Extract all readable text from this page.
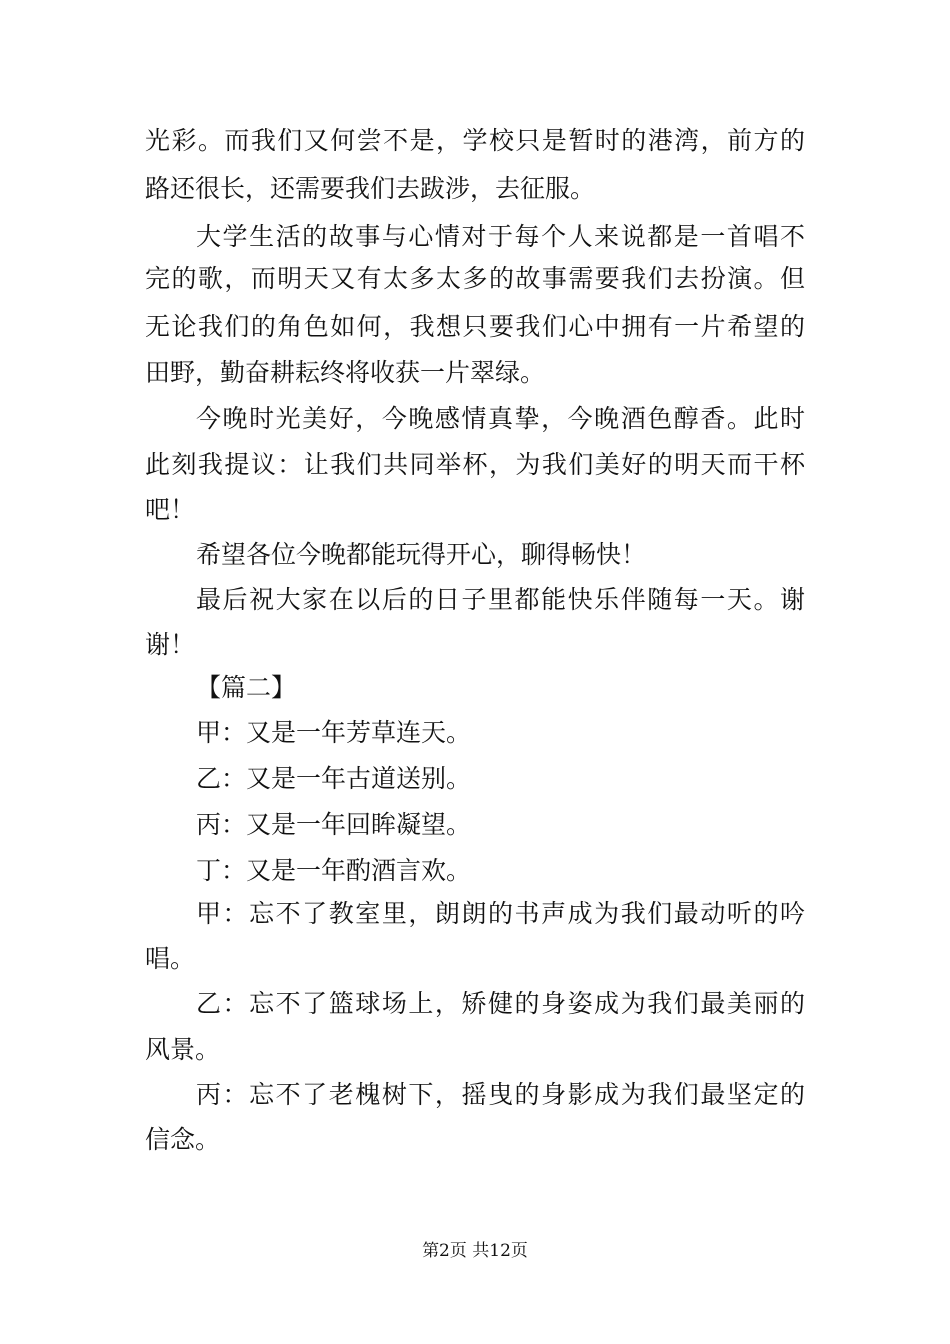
光彩。而我们又何尝不是，学校只是暂时的港湾，前方的
路还很长，还需要我们去跋涉，去征服。
大学生活的故事与心情对于每个人来说都是一首唱不
完的歌，而明天又有太多太多的故事需要我们去扮演。但
无论我们的角色如何，我想只要我们心中拥有一片希望的
田野，勤奋耕耘终将收获一片翠绿。
今晚时光美好，今晚感情真挚，今晚酒色醇香。此时
此刻我提议：让我们共同举杯，为我们美好的明天而干杯
吧！
希望各位今晚都能玩得开心，聊得畅快！
最后祝大家在以后的日子里都能快乐伴随每一天。谢
谢！
【篇二】
甲：又是一年芳草连天。
乙：又是一年古道送别。
丙：又是一年回眸凝望。
丁：又是一年酌酒言欢。
甲：忘不了教室里，朗朗的书声成为我们最动听的吟
唱。
乙：忘不了篮球场上，矫健的身姿成为我们最美丽的
风景。
丙：忘不了老槐树下，摇曳的身影成为我们最坚定的
信念。
第2页 共12页
